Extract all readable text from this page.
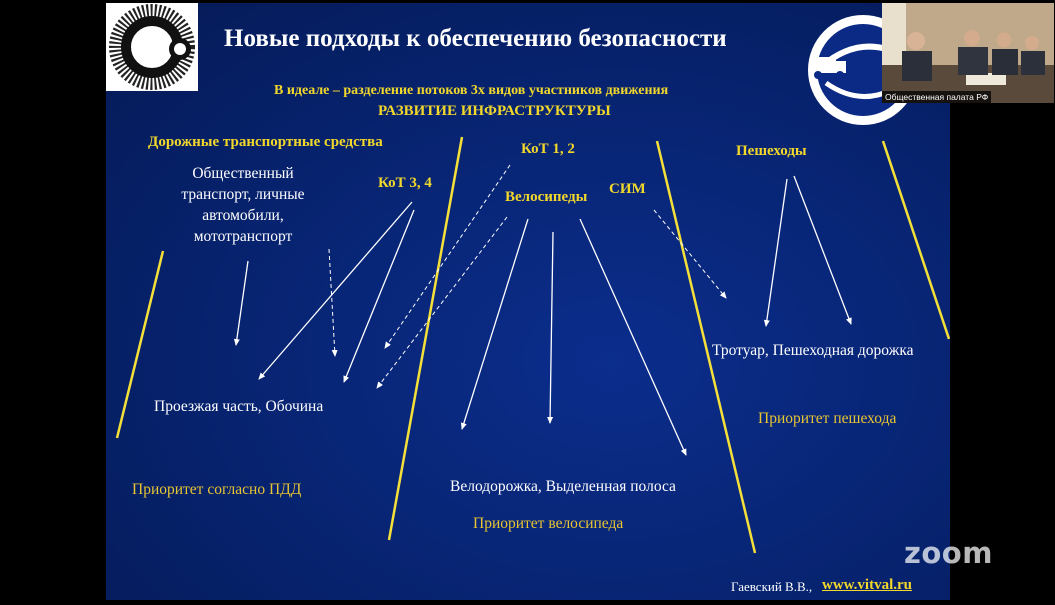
Новые подходы к обеспечению безопасности
В идеале – разделение потоков 3х видов участников движения
РАЗВИТИЕ ИНФРАСТРУКТУРЫ
Дорожные транспортные средства
КоТ 3, 4
КоТ 1, 2
Велосипеды СИМ
Пешеходы
Общественный
транспорт, личные
автомобили,
мототранспорт
Проезжая часть, Обочина
Тротуар, Пешеходная дорожка
Велодорожка, Выделенная полоса
Приоритет согласно ПДД
Приоритет пешехода
Приоритет велосипеда
Гаевский В.В., www.vitval.ru
Общественная палата РФ
zoom
